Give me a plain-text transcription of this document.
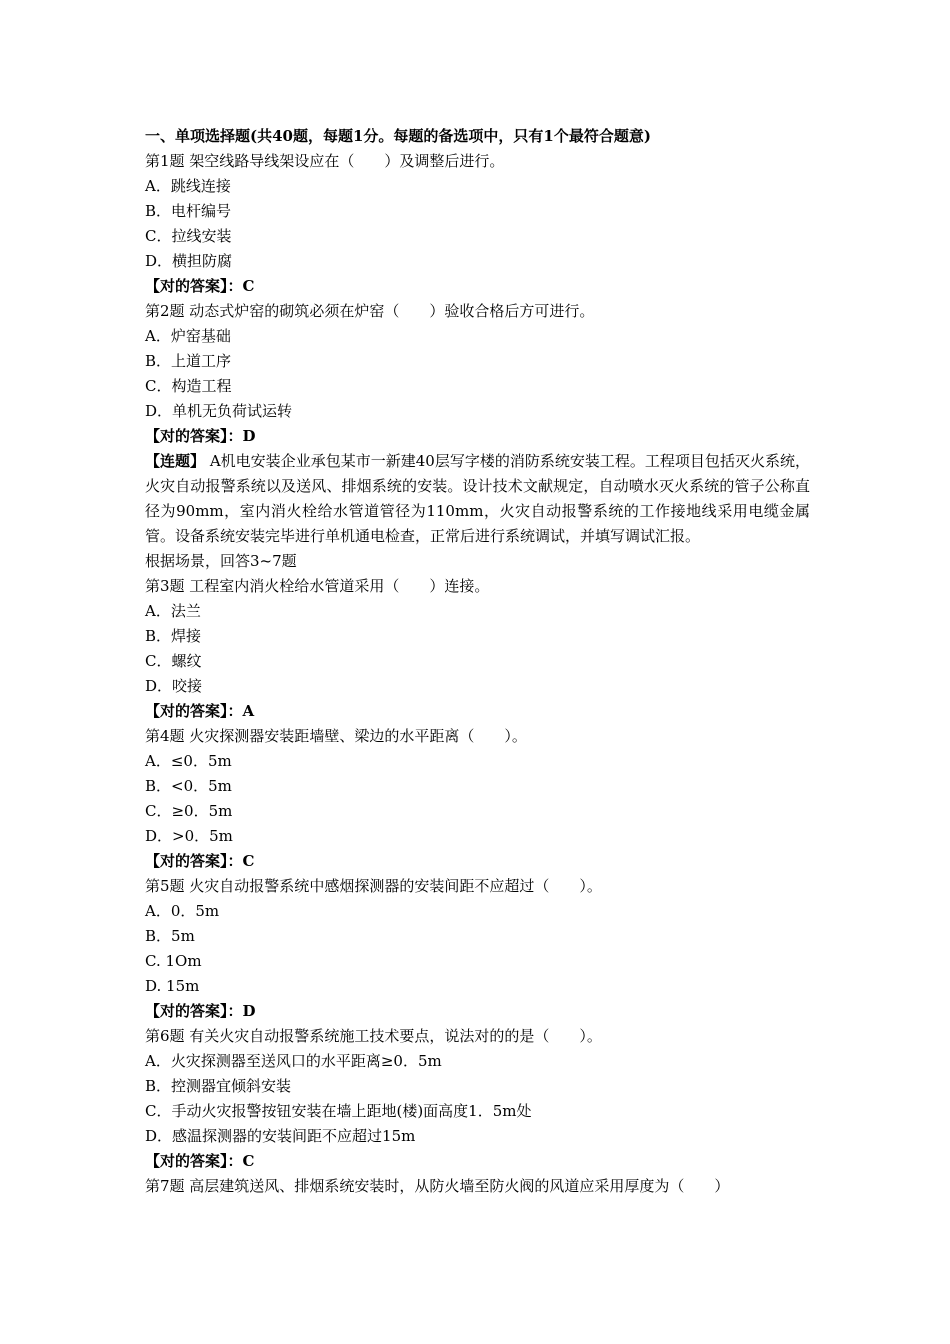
一、单项选择题(共40题，每题1分。每题的备选项中，只有1个最符合题意)
第1题 架空线路导线架设应在（　　）及调整后进行。
A．跳线连接
B．电杆编号
C．拉线安装
D．横担防腐
【对的答案】：C
第2题 动态式炉窑的砌筑必须在炉窑（　　）验收合格后方可进行。
A．炉窑基础
B．上道工序
C．构造工程
D．单机无负荷试运转
【对的答案】：D
【连题】 A机电安装企业承包某市一新建40层写字楼的消防系统安装工程。工程项目包括灭火系统，火灾自动报警系统以及送风、排烟系统的安装。设计技术文献规定，自动喷水灭火系统的管子公称直径为90mm，室内消火栓给水管道管径为110mm，火灾自动报警系统的工作接地线采用电缆金属管。设备系统安装完毕进行单机通电检查，正常后进行系统调试，并填写调试汇报。
根据场景，回答3~7题
第3题 工程室内消火栓给水管道采用（　　）连接。
A．法兰
B．焊接
C．螺纹
D．咬接
【对的答案】：A
第4题 火灾探测器安装距墙壁、梁边的水平距离（　　）。
A．≤0．5m
B．<0．5m
C．≥0．5m
D．>0．5m
【对的答案】：C
第5题 火灾自动报警系统中感烟探测器的安装间距不应超过（　　）。
A．0．5m
B．5m
C. 1Om
D. 15m
【对的答案】：D
第6题 有关火灾自动报警系统施工技术要点，说法对的的是（　　）。
A．火灾探测器至送风口的水平距离≥0．5m
B．控测器宜倾斜安装
C．手动火灾报警按钮安装在墙上距地(楼)面高度1．5m处
D．感温探测器的安装间距不应超过15m
【对的答案】：C
第7题 高层建筑送风、排烟系统安装时，从防火墙至防火阀的风道应采用厚度为（　　）
